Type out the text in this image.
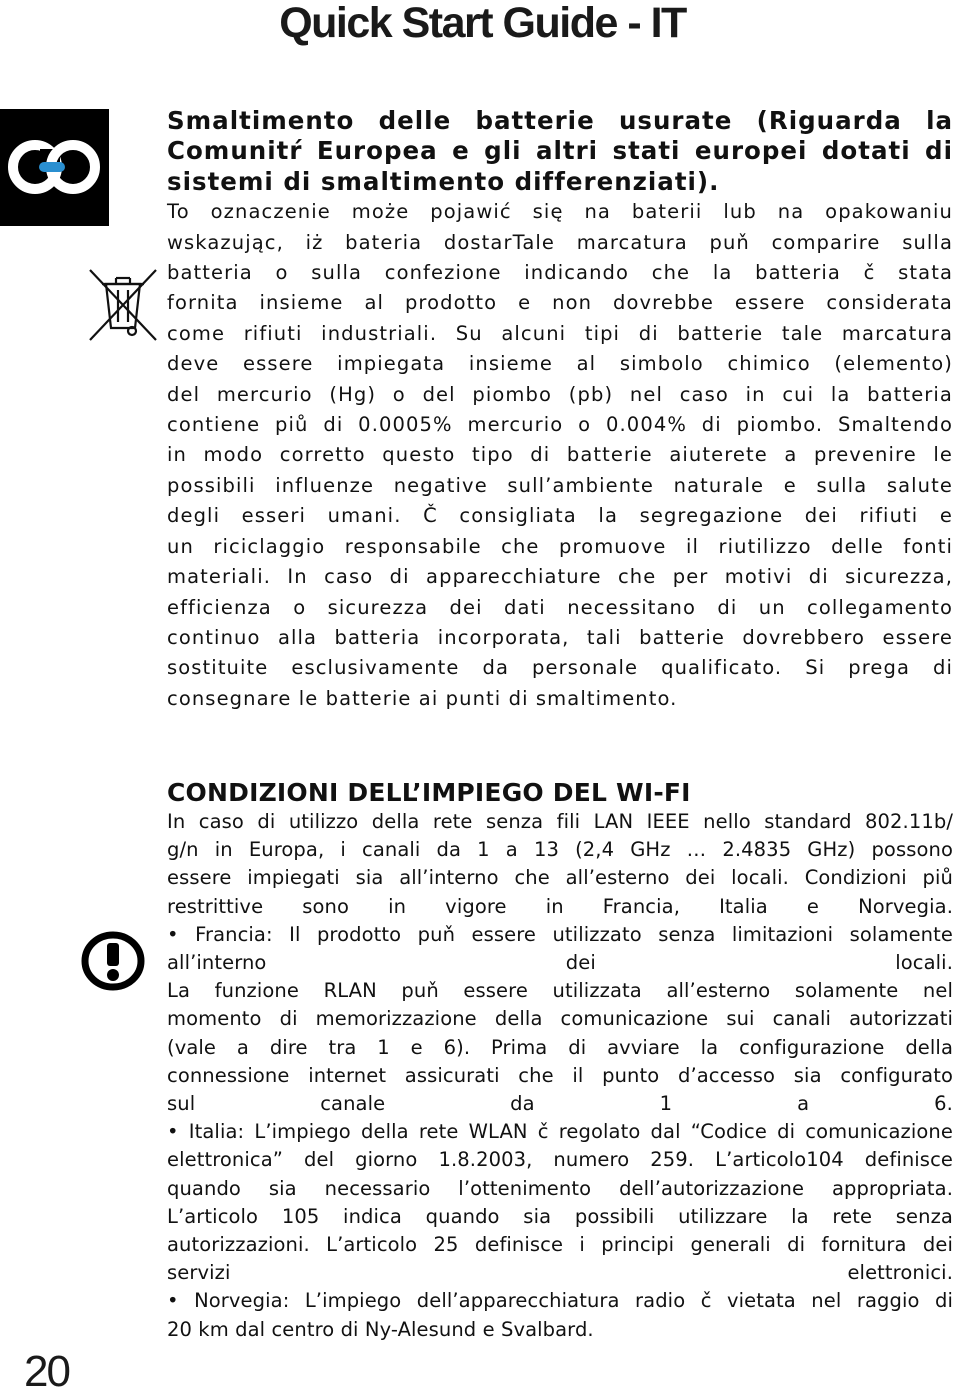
Quick Start Guide - IT
Smaltimento delle batterie usurate (Riguarda la
Comunitŕ Europea e gli altri stati europei dotati di
sistemi di smaltimento differenziati).
To oznaczenie może pojawić się na baterii lub na opakowaniu
wskazując, iż bateria dostarTale marcatura puň comparire sulla
batteria o sulla confezione indicando che la batteria č stata
fornita insieme al prodotto e non dovrebbe essere considerata
come rifiuti industriali. Su alcuni tipi di batterie tale marcatura
deve essere impiegata insieme al simbolo chimico (elemento)
del mercurio (Hg) o del piombo (pb) nel caso in cui la batteria
contiene piů di 0.0005% mercurio o 0.004% di piombo. Smaltendo
in modo corretto questo tipo di batterie aiuterete a prevenire le
possibili influenze negative sull’ambiente naturale e sulla salute
degli esseri umani. Č consigliata la segregazione dei rifiuti e
un riciclaggio responsabile che promuove il riutilizzo delle fonti
materiali. In caso di apparecchiature che per motivi di sicurezza,
efficienza o sicurezza dei dati necessitano di un collegamento
continuo alla batteria incorporata, tali batterie dovrebbero essere
sostituite esclusivamente da personale qualificato. Si prega di
consegnare le batterie ai punti di smaltimento.
CONDIZIONI DELL’IMPIEGO DEL WI-FI
In caso di utilizzo della rete senza fili LAN IEEE nello standard 802.11b/
g/n in Europa, i canali da 1 a 13 (2,4 GHz … 2.4835 GHz) possono
essere impiegati sia all’interno che all’esterno dei locali. Condizioni piů
restrittive sono in vigore in Francia, Italia e Norvegia.
• Francia: Il prodotto puň essere utilizzato senza limitazioni solamente
all’interno dei locali.
La funzione RLAN puň essere utilizzata all’esterno solamente nel
momento di memorizzazione della comunicazione sui canali autorizzati
(vale a dire tra 1 e 6). Prima di avviare la configurazione della
connessione internet assicurati che il punto d’accesso sia configurato
sul canale da 1 a 6.
• Italia: L’impiego della rete WLAN č regolato dal “Codice di comunicazione
elettronica” del giorno 1.8.2003, numero 259. L’articolo104 definisce
quando sia necessario l’ottenimento dell’autorizzazione appropriata.
L’articolo 105 indica quando sia possibili utilizzare la rete senza
autorizzazioni. L’articolo 25 definisce i principi generali di fornitura dei
servizi elettronici.
• Norvegia: L’impiego dell’apparecchiatura radio č vietata nel raggio di
20 km dal centro di Ny-Alesund e Svalbard.
20
